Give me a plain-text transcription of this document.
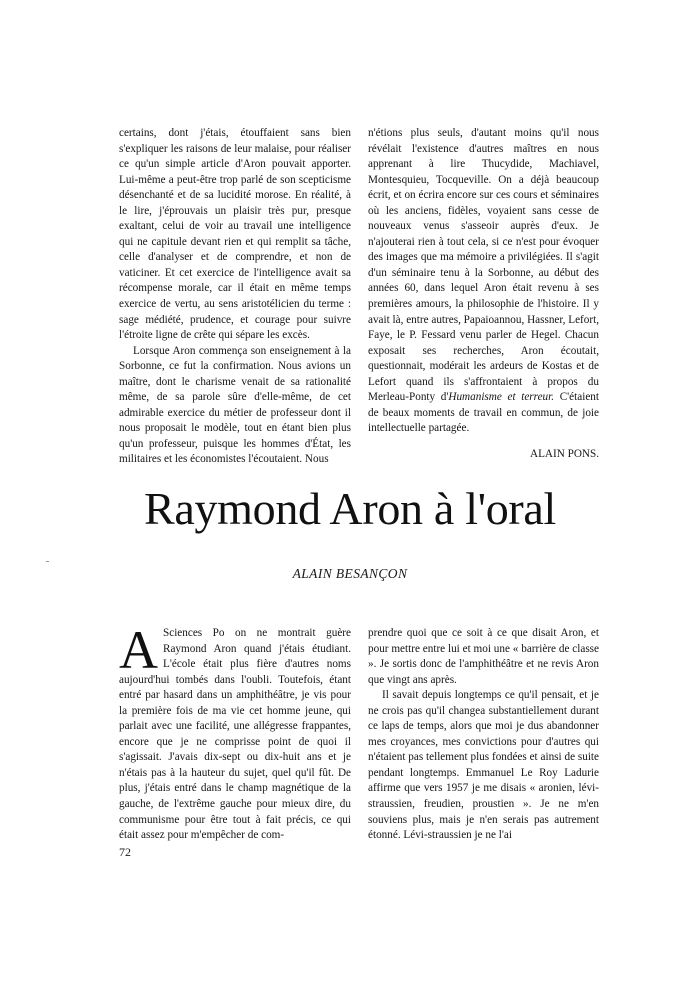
certains, dont j'étais, étouffaient sans bien s'expliquer les raisons de leur malaise, pour réaliser ce qu'un simple article d'Aron pouvait apporter. Lui-même a peut-être trop parlé de son scepticisme désenchanté et de sa lucidité morose. En réalité, à le lire, j'éprouvais un plaisir très pur, presque exaltant, celui de voir au travail une intelligence qui ne capitule devant rien et qui remplit sa tâche, celle d'analyser et de comprendre, et non de vaticiner. Et cet exercice de l'intelligence avait sa récompense morale, car il était en même temps exercice de vertu, au sens aristotélicien du terme : sage médiété, prudence, et courage pour suivre l'étroite ligne de crête qui sépare les excès.

Lorsque Aron commença son enseignement à la Sorbonne, ce fut la confirmation. Nous avions un maître, dont le charisme venait de sa rationalité même, de sa parole sûre d'elle-même, de cet admirable exercice du métier de professeur dont il nous proposait le modèle, tout en étant bien plus qu'un professeur, puisque les hommes d'État, les militaires et les économistes l'écoutaient. Nous

n'étions plus seuls, d'autant moins qu'il nous révélait l'existence d'autres maîtres en nous apprenant à lire Thucydide, Machiavel, Montesquieu, Tocqueville. On a déjà beaucoup écrit, et on écrira encore sur ces cours et séminaires où les anciens, fidèles, voyaient sans cesse de nouveaux venus s'asseoir auprès d'eux. Je n'ajouterai rien à tout cela, si ce n'est pour évoquer des images que ma mémoire a privilégiées. Il s'agit d'un séminaire tenu à la Sorbonne, au début des années 60, dans lequel Aron était revenu à ses premières amours, la philosophie de l'histoire. Il y avait là, entre autres, Papaioannou, Hassner, Lefort, Faye, le P. Fessard venu parler de Hegel. Chacun exposait ses recherches, Aron écoutait, questionnait, modérait les ardeurs de Kostas et de Lefort quand ils s'affrontaient à propos du Merleau-Ponty d'Humanisme et terreur. C'étaient de beaux moments de travail en commun, de joie intellectuelle partagée.

ALAIN PONS.
Raymond Aron à l'oral
ALAIN BESANÇON

A Sciences Po on ne montrait guère Raymond Aron quand j'étais étudiant. L'école était plus fière d'autres noms aujourd'hui tombés dans l'oubli. Toutefois, étant entré par hasard dans un amphithéâtre, je vis pour la première fois de ma vie cet homme jeune, qui parlait avec une facilité, une allégresse frappantes, encore que je ne comprisse point de quoi il s'agissait. J'avais dix-sept ou dix-huit ans et je n'étais pas à la hauteur du sujet, quel qu'il fût. De plus, j'étais entré dans le champ magnétique de la gauche, de l'extrême gauche pour mieux dire, du communisme pour être tout à fait précis, ce qui était assez pour m'empêcher de com-

prendre quoi que ce soit à ce que disait Aron, et pour mettre entre lui et moi une « barrière de classe ». Je sortis donc de l'amphithéâtre et ne revis Aron que vingt ans après.

Il savait depuis longtemps ce qu'il pensait, et je ne crois pas qu'il changea substantiellement durant ce laps de temps, alors que moi je dus abandonner mes croyances, mes convictions pour d'autres qui n'étaient pas tellement plus fondées et ainsi de suite pendant longtemps. Emmanuel Le Roy Ladurie affirme que vers 1957 je me disais « aronien, lévi-straussien, freudien, proustien ». Je ne m'en souviens plus, mais je n'en serais pas autrement étonné. Lévi-straussien je ne l'ai

72
